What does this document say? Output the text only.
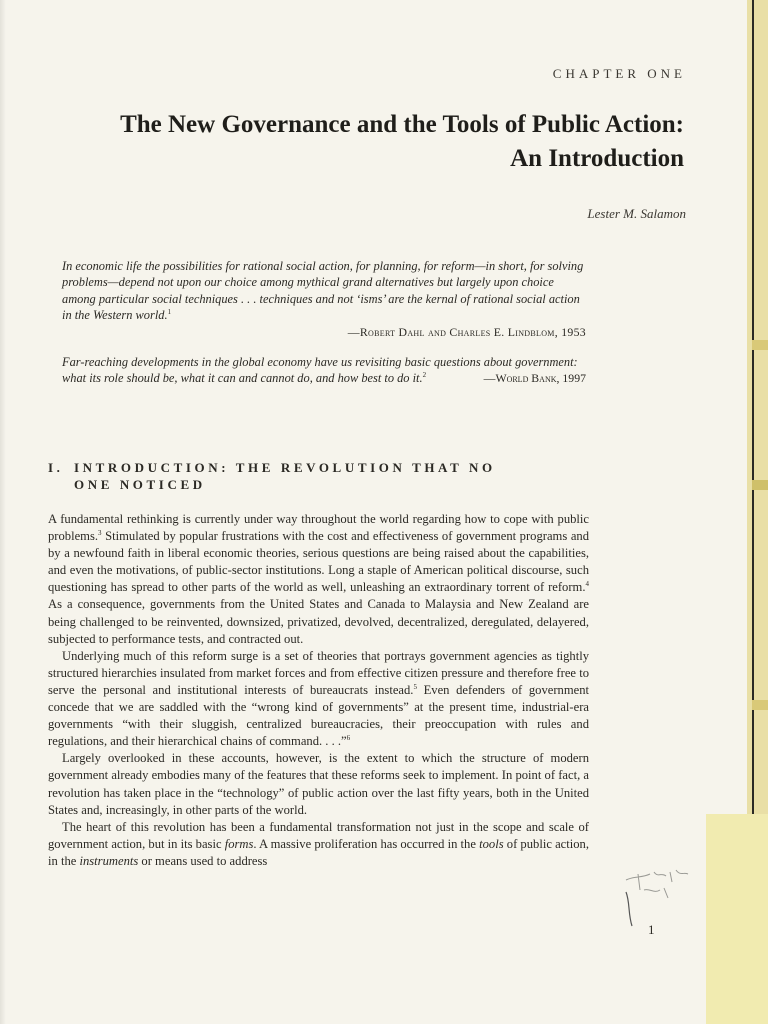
CHAPTER ONE
The New Governance and the Tools of Public Action: An Introduction
Lester M. Salamon
In economic life the possibilities for rational social action, for planning, for reform—in short, for solving problems—depend not upon our choice among mythical grand alternatives but largely upon choice among particular social techniques . . . techniques and not ‘isms’ are the kernal of rational social action in the Western world.$^1$
—Robert Dahl and Charles E. Lindblom, 1953
Far-reaching developments in the global economy have us revisiting basic questions about government: what its role should be, what it can and cannot do, and how best to do it.$^2$	—World Bank, 1997
I. INTRODUCTION: THE REVOLUTION THAT NO
ONE NOTICED

A fundamental rethinking is currently under way throughout the world regarding how to cope with public problems.$^3$ Stimulated by popular frustrations with the cost and effectiveness of government programs and by a newfound faith in liberal economic theories, serious questions are being raised about the capabilities, and even the motivations, of public-sector institutions. Long a staple of American political discourse, such questioning has spread to other parts of the world as well, unleashing an extraordinary torrent of reform.$^4$ As a consequence, governments from the United States and Canada to Malaysia and New Zealand are being challenged to be reinvented, downsized, privatized, devolved, decentralized, deregulated, delayered, subjected to performance tests, and contracted out.

Underlying much of this reform surge is a set of theories that portrays government agencies as tightly structured hierarchies insulated from market forces and from effective citizen pressure and therefore free to serve the personal and institutional interests of bureaucrats instead.$^5$ Even defenders of government concede that we are saddled with the “wrong kind of governments” at the present time, industrial-era governments “with their sluggish, centralized bureaucracies, their preoccupation with rules and regulations, and their hierarchical chains of command. . . .”$^6$

Largely overlooked in these accounts, however, is the extent to which the structure of modern government already embodies many of the features that these reforms seek to implement. In point of fact, a revolution has taken place in the “technology” of public action over the last fifty years, both in the United States and, increasingly, in other parts of the world.

The heart of this revolution has been a fundamental transformation not just in the scope and scale of government action, but in its basic forms. A massive proliferation has occurred in the tools of public action, in the instruments or means used to address

1
